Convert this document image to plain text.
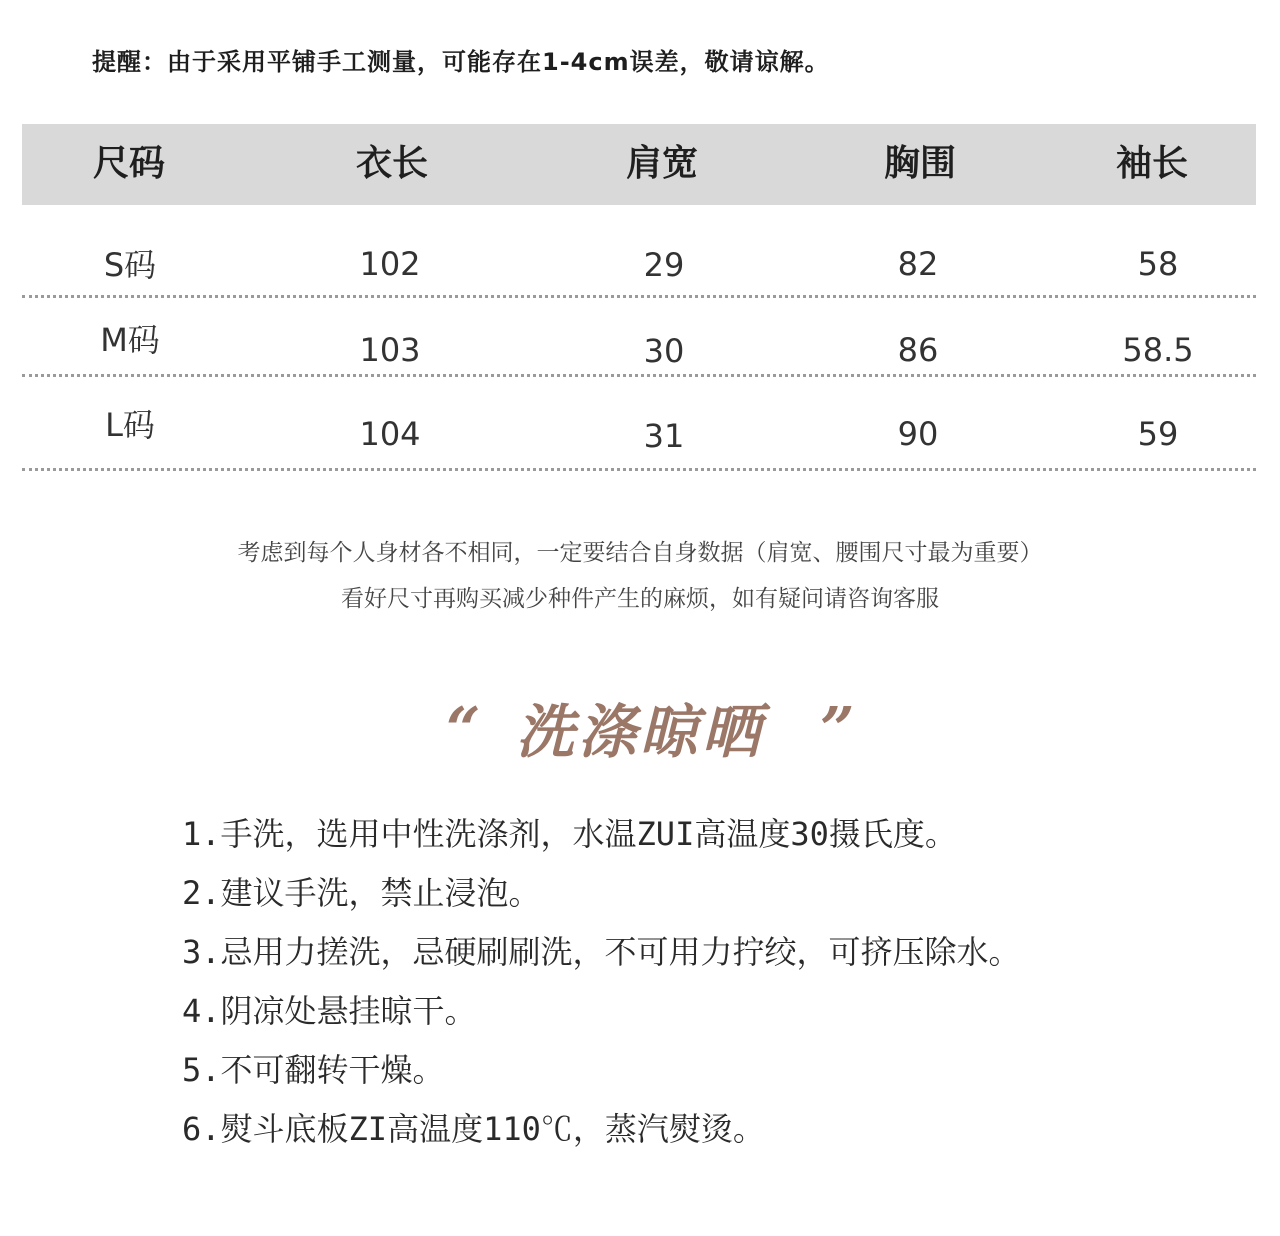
提醒：由于采用平铺手工测量，可能存在1-4cm误差，敬请谅解。
尺码	衣长	肩宽	胸围	袖长
S码	102	29	82	58
M码	103	30	86	58.5
L码	104	31	90	59
考虑到每个人身材各不相同，一定要结合自身数据（肩宽、腰围尺寸最为重要）
看好尺寸再购买减少种件产生的麻烦，如有疑问请咨询客服
“ 洗涤晾晒 ”
1.手洗，选用中性洗涤剂，水温ZUI高温度30摄氏度。
2.建议手洗，禁止浸泡。
3.忌用力搓洗，忌硬刷刷洗，不可用力拧绞，可挤压除水。
4.阴凉处悬挂晾干。
5.不可翻转干燥。
6.熨斗底板ZI高温度110℃，蒸汽熨烫。
